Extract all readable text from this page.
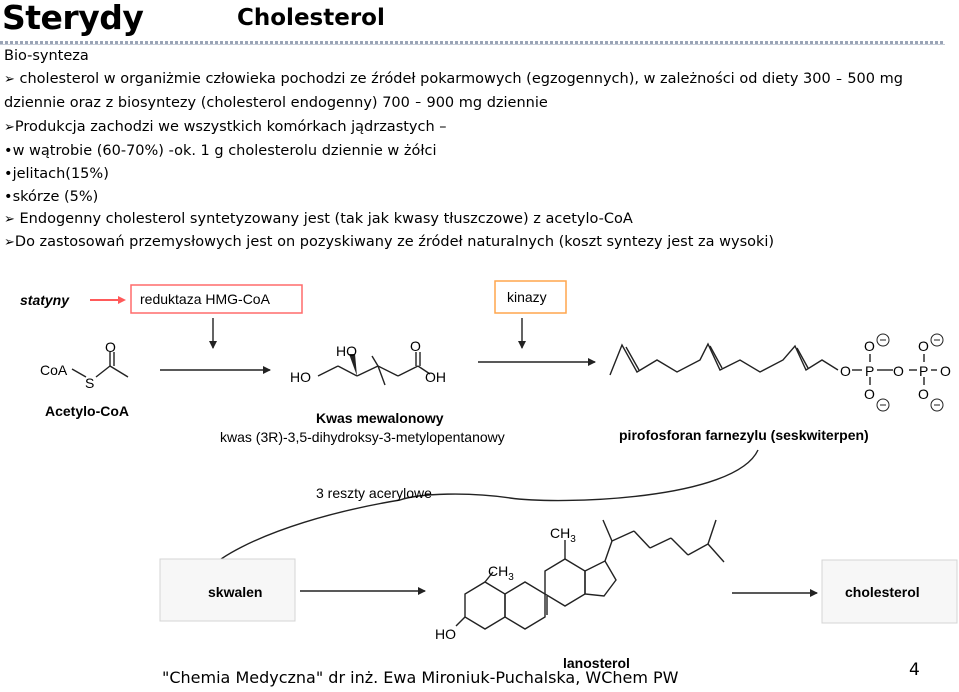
Sterydy	Cholesterol
Bio-synteza
➢ cholesterol w organiżmie człowieka pochodzi ze źródeł pokarmowych (egzogennych), w zależności od diety 300 500 mg
dziennie oraz z biosyntezy (cholesterol endogenny) 700 900 mg dziennie
➢Produkcja zachodzi we wszystkich komórkach jądrzastych –
•w wątrobie (60-70%) -ok. 1 g cholesterolu dziennie w żółci
•jelitach(15%)
•skórze (5%)
➢ Endogenny cholesterol syntetyzowany jest (tak jak kwasy tłuszczowe) z acetylo-CoA
➢Do zastosowań przemysłowych jest on pozyskiwany ze źródeł naturalnych (koszt syntezy jest za wysoki)
statyny	reduktaza HMG-CoA	kinazy
CoA
S
O
Acetylo-CoA
HO
HO
O
OH
Kwas mewalonowy
kwas (3R)-3,5-dihydroksy-3-metylopentanowy
O P O P O
O	O
O	O
pirofosforan farnezylu (seskwiterpen)
3 reszty acerylowe
skwalen
HO
$CH_3$
$CH_3$
lanosterol
cholesterol
"Chemia Medyczna" dr inż. Ewa Mironiuk-Puchalska, WChem PW	4
